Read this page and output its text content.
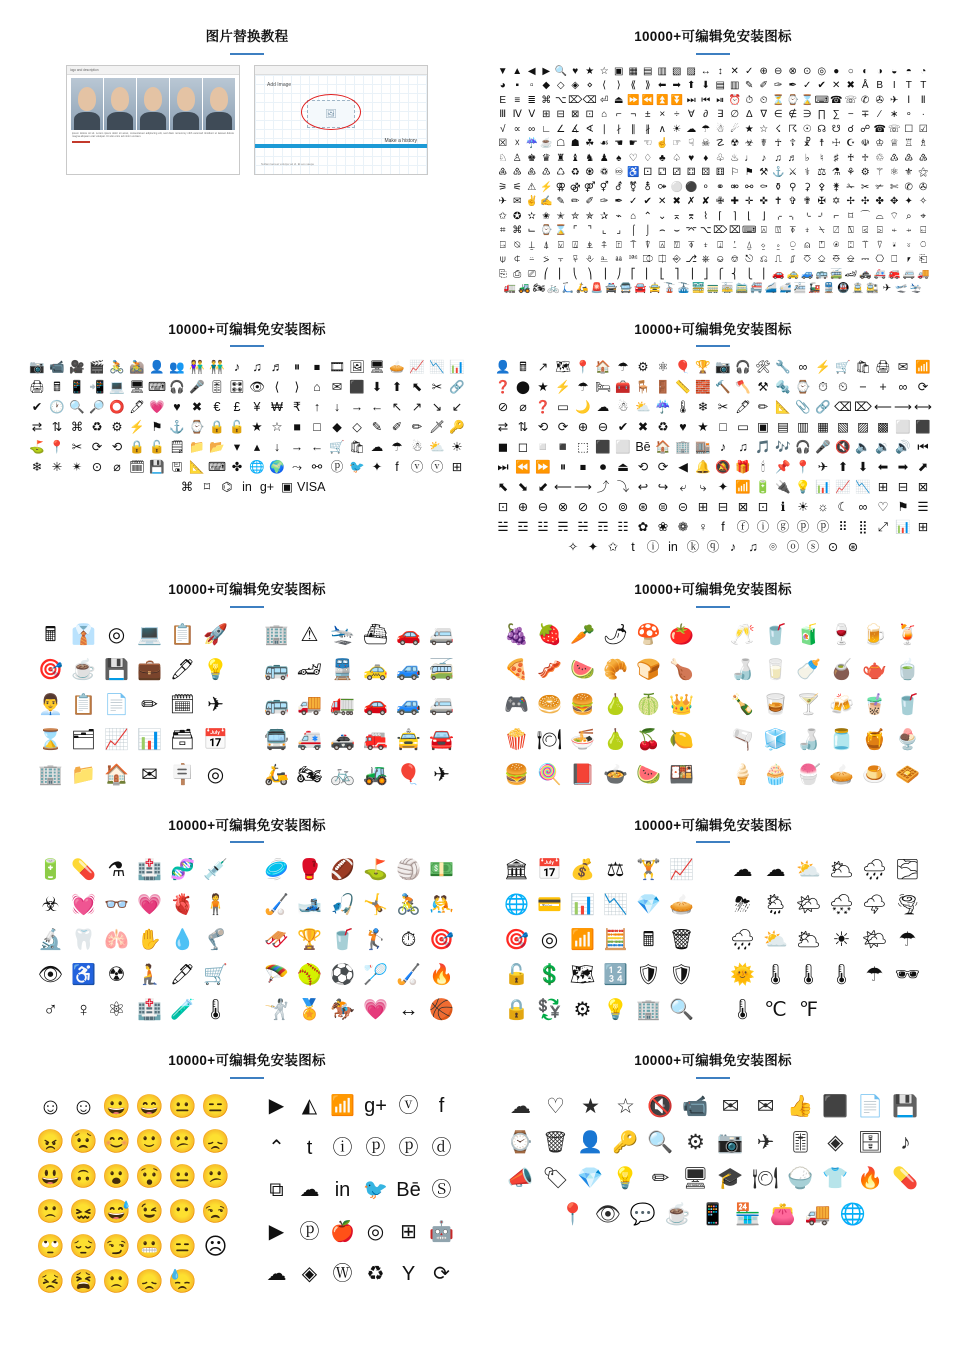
图片替换教程
logo and description
ipsum dolore sit sit. Lorem ipsum dolor sit amet, consectetuer adipiscing elit, sed diam nonummy nibh euismod tincidunt ut laoreet dolore magna aliquam erat volutpat. Ut wisi enim ad minim veniam.
Add Image
🖼
Make a history
Nullam laoreet volutpa vel id. Et eos saepe
10000+可编辑免安装图标
▼ ▲ ◀ ▶ 🔍 ♥ ★ ☆ ▣ ▦ ▤ ▥ ▧ ▨ ↔ ↕ ✕ ✓ ⊕ ⊖ ⊗ ⊙ ◎ ● ○ ◐ ◑ ◒ ◓ ◔
◕ ▪	▫ ◆ ◇ ◈ ⋄ ⟨	⟩ ⟪ ⟫ ⬅ ➡ ⬆ ⬇ ▤ ▥ ✎ ✐ ✑ ✒ ✓ ✔ ✕ ✖ Å B I	T T
E ≡ ≣ ⌘ ⌥ ⌦ ⌫ ⏎ ⏏ ⏩ ⏪ ⏫ ⏬ ⏭ ⏮ ⏯ ⏰ ⏱ ⏲ ⏳ ⌚ ⌛ ⌨ ☎ ☏ ✆ ✇ ✈ Ⅰ	Ⅱ
Ⅲ Ⅳ Ⅴ ⊞ ⊟ ⊠ ⊡ ⌂ ⌐ ¬ ± × ÷ ∀ ∂ ∃ ∅ ∆ ∇ ∈ ∉ ∋ ∏ ∑ − ∓ ∕ ∗ ∘ ∙
√ ∝ ∞ ∟ ∠ ∡ ∢ ∣ ∤ ∥ ∦ ∧ ☀ ☁ ☂ ☃ ☄ ★ ☆ ☇ ☈ ☉ ☊ ☋ ☌ ☍ ☎ ☏ ☐ ☑
☒ ☓ ☔ ☕ ☖ ☗ ☘ ☙ ☚ ☛ ☜ ☝ ☞ ☟ ☠ ☡ ☢ ☣ ☤ ☥ ☦ ☧ ☨ ☩ ☪ ☫ ♔ ♕ ♖ ♗
♘ ♙ ♚ ♛ ♜ ♝ ♞ ♟ ♠ ♡ ♢ ♣ ♤ ♥ ♦ ♧ ♨ ♩ ♪ ♫ ♬ ♭	♮	♯ ♰ ♱ ♲ ♳ ♴ ♵
♶ ♷ ♸ ♹ ♺ ♻ ♼ ♽ ♾ ♿ ⚀ ⚁ ⚂ ⚃ ⚄ ⚅ ⚐ ⚑ ⚒ ⚓ ⚔ ⚕ ⚖ ⚗ ⚘ ⚙ ⚚ ⚛ ⚜ ⚝
⚞ ⚟ ⚠ ⚡ ⚢ ⚣ ⚤ ⚥ ⚦ ⚧ ⚨ ⚩ ⚪ ⚫ ⚬ ⚭ ⚮ ⚯ ⚰ ⚱ ⚲ ⚳ ⚴ ⚵ ✁ ✂ ✃ ✄ ✆ ✇
✈ ✉ ✌ ✍ ✎ ✏ ✐ ✑ ✒ ✓ ✔ ✕ ✖ ✗ ✘ ✙ ✚ ✛ ✜ ✝ ✞ ✟ ✠ ✡ ✢ ✣ ✤ ✥ ✦ ✧
✩ ✪ ✫ ✬ ✭ ✮ ✯ ✰ ⌁ ⌂ ⌃ ⌄ ⌅ ⌆ ⌇	⌈	⌉	⌊	⌋ ⌌ ⌍ ⌎ ⌏ ⌐ ⌑ ⌒ ⌓ ⌔ ⌕ ⌖
⌗ ⌘ ⌙ ⌚ ⌛ ⌜ ⌝ ⌞ ⌟ ⌠ ⌡ ⌢ ⌣ ⌤ ⌥ ⌦ ⌧ ⌨ ⍓ ⍔ ⍕ ⍖ ⍀ ⍁ ⍂ ⍃ ⍄ ⍅ ⍆ ⍇
⍈ ⍉ ⍊ ⍋ ⍌ ⍍ ⍎ ⍏ ⍐ ⍑ ⍒ ⍓ ⍔ ⍕ ⍖ ⍗ ⍘ ⍙ ⍚ ⍛ ⍜ ⍝ ⍞ ⍟ ⍠ ⍡ ⍢ ⍣ ⍤ ⍥
⍦ ⍧ ⍨ ⍩ ⍪ ⍫ ⎀ ⎁ ⎂ ⎃ ⎄ ⎅ ⎆ ⎇ ⎈ ⎉ ⎊ ⎋ ⎌ ⎍ ⎎ ⎏ ⎐ ⎑ ⎒ ⎓ ⎔ ⎕ ⎖ ⎗
⎘ ⎙ ⎚ ⎛ ⎜ ⎝ ⎞ ⎟ ⎠ ⎡ ⎢ ⎣ ⎤ ⎥ ⎦ ⎧ ⎨ ⎩ ⎪ 🚗 🚕 🚙 🚌 🚎 🏎 🚓 🚑 🚒 🚐 🚚
🚛 🚜 🏍 🚲 🛴 🛵 🚨 🚔 🚍 🚘 🚖 🚡 🚠 🚟 🚃 🚋 🚞 🚝 🚄 🚅 🚈 🚂 🚆 🚇 🚊 🚉 ✈ 🛫 🛬
10000+可编辑免安装图标
📷 📹 🎥 🎬 🚴 🚵 👤 👥 👫 👬 ♪ ♫ ♬ ⏸	⏹ 🎞 🖼 🖥 🥧 📈 📉 📊
🖨 🖩 📱 📲 💻 🖥 ⌨ 🎧 🎤 🎚 🎛 👁 ⟨	⟩	⌂ ✉ ⬛ ⬇ ⬆ ⬉ ✂ 🔗
✔ 🕐 🔍 🔎 ⭕ 🖊 💗 ♥ ✖ €	£	¥ ₩ ₹	↑	↓ → ← ↖ ↗ ↘ ↙
⇄ ⇅ ⌘ ♻ ⚙ ⚡ ⚑ ⚓ ⌚ 🔒 🔓 ★ ☆ ■ □ ◆ ◇ ✎ ✐ ✏ 🗡 🔑
⛳ 📍 ✂ ⟳ ⟲ 🔒 🔓 🗒 📁 📂 ▾	▴	↓ → ← 🛒 🛍 ☁ ☂ ☃ ⛅ ☀
❄ ✳ ✴ ⊙ ⌀ 🗓 💾 🖫 📐 ⌨ ✤ 🌐 🌍 ⤳ ⚯ ⓟ 🐦 ✦	f ⓥ ⓥ ⊞
⌘ ⌑ ⌬ in g+ ▣ VISA
10000+可编辑免安装图标
👤 🖩 ↗ 🗺 📍 🏠 ☂ ⚙ ⚛ 🎈 🏆 📷 🎧 🛠 🔧 ∞ ⚡ 🛒 🛍 🖨 ✉ 📶
❓ ⬤ ★ ⚡ ☂ 🛏 🧰 🪑 🚪 📏 🧱 🔨 🪓 ⚒ 🔩 ⌚ ⏱ ⏲ −	+ ∞ ⟳
⊘ ⌀ ❓ ▭ 🌙 ☁ ☃ ⛅ ☔ 🌡 ❄ ✂ 🖊 ✏ 📐 📎 🔗 ⌫ ⌦ ⟵ ⟶ ⟷
⇄ ⇅ ⟲ ⟳ ⊕ ⊖ ✔ ✖ ♻ ♥ ★ □ ▭ ▣ ▤ ▥ ▦ ▧ ▨ ▩ ⬜ ⬛
◼ ◻ ◽ ◾ ⬚ ⬛ ⬜ Bē 🏠 🏢 🏬 ♪ ♫ 🎵 🎶 🎧 🎤 🔇 🔈 🔉 🔊 ⏮
⏭ ⏪ ⏩ ⏸	⏹	⏺ ⏏ ⟲ ⟳ ◀ 🔔 🔕 🎁 🕯 📌 📍 ✈ ⬆ ⬇ ⬅ ➡ ⬈
⬉ ⬊ ⬋ ⟵ ⟶ ⤴ ⤵ ↩ ↪ ⤶	⤷ ✦ 📶 🔋 🔌 💡 📊 📈 📉 ⊞ ⊟ ⊠
⊡ ⊕ ⊖ ⊗ ⊘ ⊙ ⊚ ⊛ ⊜ ⊝ ⊞ ⊟ ⊠ ⊡ ℹ ☀ ☼ ☾ ∞ ♡ ⚑ ☰
☱ ☲ ☳ ☴ ☵ ☶ ☷ ✿ ❀ ❁ ♀	f ⓕ ⓘ ⓖ ⓟ ⓟ ⠿ ⣿ ⤢ 📊 ⊞
✧ ✦ ✩	t ⓘ in ⓚ ⓠ ♪ ♫ ⌾ ⓞ ⓢ ⊙ ⊛
10000+可编辑免安装图标
🖩 👔 ◎ 💻 📋 🚀
🎯 ☕ 💾 💼 🖊 💡
👨‍💼 📋 📄 ✏ 🗓 ✈
⌛ 🗂 📈 📊 🗃 📅
🏢 📁 🏠 ✉ 🪧 ◎
🏢 ⚠ 🛬 ⛴ 🚗 🚐
🚌 🏎 🚆 🚕 🚙 🚎
🚌 🚚 🚛 🚗 🚙 🚐
🚍 🚑 🚓 🚒 🚖 🚘
🛵 🏍 🚲 🚜 🎈 ✈
10000+可编辑免安装图标
🍇 🍓 🥕 🌶 🍄 🍅
🍕 🥓 🍉 🥐 🍞 🍗
🎮 🥯 🍔 🍐 🍈 👑
🍿 🍽 🍜 🍐 🍒 🍋
🍔 🍭 📕 🍲 🍉 🍱
🥂 🥤 🧃 🍷 🍺 🍹
🍶 🥛 🍼 🧉 🫖 🍵
🍾 🥃 🍸 🍻 🧋 🥤
🫗 🧊 🍶 🫙 🍯 🍨
🍦 🧁 🍧 🥧 🍮 🧇
10000+可编辑免安装图标
🔋 💊 ⚗ 🏥 🧬 💉
☣ 💓 👓 💗 🫀 🧍
🔬 🦷 🫁 ✋ 💧 🦿
👁 ♿ ☢ 🧎 🖊 🛒
♂ ♀ ⚛ 🏥 🧪 🌡
🥏 🥊 🏈 ⛳ 🏐 💵
🏑 🎿 🎣 🤸 🚴 🤼
🛷 🏆 🥤 🏌 ⏱ 🎯
🪂 🥎 ⚽ 🏸 🏑 🔥
🤺 🏅 🏇 💗 ↔ 🏀
10000+可编辑免安装图标
🏛 📅 💰 ⚖ 🏋 📈
🌐 💳 📊 📉 💎 🥧
🎯 ◎ 📶 🧮 🖩 🗑
🔓 💲 🗺 🔢 🛡 🛡
🔒 💱 ⚙ 💡 🏢 🔍
☁ ☁ ⛅ 🌥 🌧 🌫
⛈ 🌦 🌤 🌨 🌩 🌪
🌧 ⛅ 🌥 ☀ 🌤 ☂
🌞 🌡 🌡 🌡 ☂ 🕶
🌡 ℃ ℉
10000+可编辑免安装图标
☺ ☺ 😀 😄 😐 😑
😠 😟 😊 🙂 😕 😞
😃 🙃 😮 😯 😐 😕
🙁 😖 😅 😉 😶 😒
🙄 😔 😏 😬 😑 ☹
😣 😫 🙁 😞 😓
▶ ◭ 📶 g+ ⓥ	f
⌃	t	ⓘ ⓟ ⓟ ⓓ
⧉ ☁ in 🐦 Bē Ⓢ
▶ ⓟ 🍎 ◎ ⊞ 🤖
☁ ◈ Ⓦ ♻ Y ⟳
10000+可编辑免安装图标
☁ ♡ ★ ☆ 🔇 📹 ✉ ✉ 👍 ⬛ 📄 💾
⌚ 🗑 👤 🔑 🔍 ⚙ 📷 ✈ 🎚 ◈ 🗄 ♪
📣 🏷 💎 💡 ✏ 🖥 🎓 🍽 🍚 👕 🔥 💊
📍 👁 💬 ☕ 📱 🏪 👛 🚚 🌐
